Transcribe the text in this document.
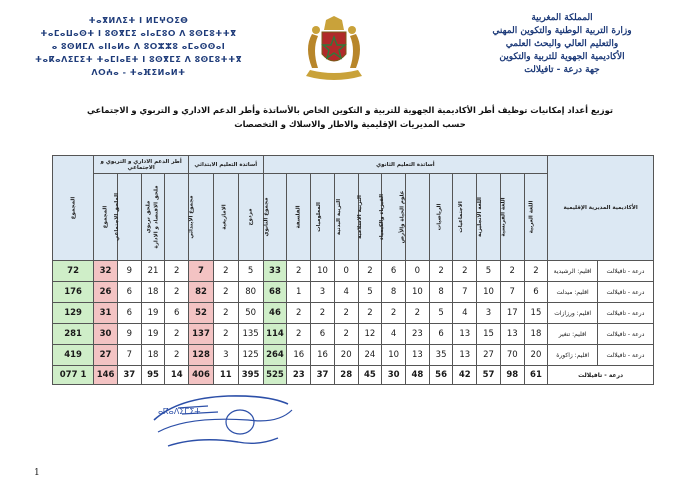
ⵜⴰⴳⵍⴷⵉⵜ ⵏ ⵍⵎⵖⵔⵉⴱ
ⵜⴰⵎⴰⵡⴰⵙⵜ ⵏ ⵓⵙⴳⵎⵉ ⴰⵏⴰⵎⵓⵔ ⴷ ⵓⵙⵎⵓⵜⵜⴳ
ⴰ ⵓⵙⵍⵎⴷ ⴰⵏⵏⴰⵍⴰ ⴷ ⵓⵔⵣⵣⵓ ⴰⵎⴰⵙⵙⴰⵏ
ⵜⴰⴽⴰⴷⵉⵎⵉⵜ ⵜⴰⵎⵏⴰⴹⵜ ⵏ ⵓⵙⴳⵎⵉ ⴷ ⵓⵙⵎⵓⵜⵜⴳ
ⴷⵔⵄⴰ - ⵜⴰⴼⵉⵍⴰⵍⵜ
المملكة المغربية
وزارة التربية الوطنية والتكوين المهني
والتعليم العالي والبحث العلمي
الأكاديمية الجهوية للتربية والتكوين
جهة درعة - تافيلالت
توزيع أعداد إمكانيات توظيف أطر الأكاديمية الجهوية للتربية و التكوين الخاص بالأساتذة وأطر الدعم الاداري و التربوي و الاجتماعي
حسب المديريات الإقليمية والاطار والاسلاك و التخصصات
الأكاديمية المديرية الإقليمية		أساتذة التعليم الثانوي												أساتذة التعليم الابتدائي			أطر الدعم الاداري و التربوي و الاجتماعي				المجموع
		اللغة العربية	اللغة الفرنسية	اللغة الانجليزية	الاجتماعيات	الرياضيات	علوم الحياة والأرض	الفيزياء والكيمياء	التربية الاسلامية	التربية البدنية	المعلوميات	الفلسفة	مجموع الثانوي	مزدوج	الامازيغية	مجموع الابتدائي	ملحق الاقتصاد و الادارة	ملحق تربوي	الملحق الاجتماعي	المجموع	
درعة - تافيلالت	اقليم: الرشيدية	2	2	5	2	2	0	6	2	0	10	2	33	5	2	7	2	21	9	32	72
درعة - تافيلالت	اقليم: ميدلت	6	7	10	7	8	10	8	5	4	3	1	68	80	2	82	2	18	6	26	176
درعة - تافيلالت	اقليم: ورزازات	15	17	3	4	5	2	2	2	2	2	2	46	50	2	52	6	19	6	31	129
درعة - تافيلالت	اقليم: تنغير	18	13	15	13	6	23	4	12	2	6	2	114	135	2	137	2	19	9	30	281
درعة - تافيلالت	اقليم: زاكورة	20	70	27	13	35	13	10	24	20	16	16	264	125	3	128	2	18	7	27	419
درعة - تافيلالت		61	98	57	42	56	48	30	45	28	37	23	525	395	11	406	14	95	37	146	1 077
ⴰⴽⴰⴷⵉⵎⵉⵜ
1
